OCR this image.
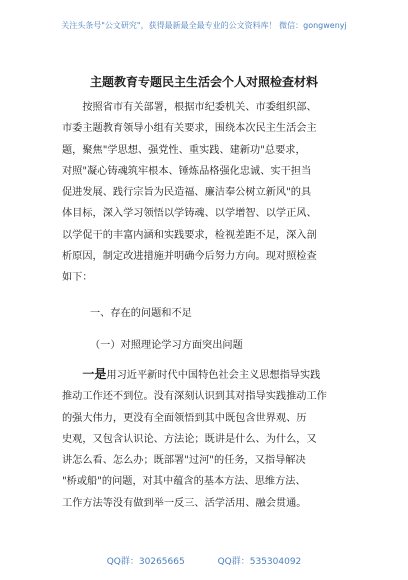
关注头条号"公文研究"，获得最新最全最专业的公文资料库！ 微信：gongwenyj
主题教育专题民主生活会个人对照检查材料
　　按照省市有关部署，根据市纪委机关、市委组织部、
市委主题教育领导小组有关要求，围绕本次民主生活会主
题，聚焦"学思想、强党性、重实践、建新功"总要求，
对照"凝心铸魂筑牢根本、锤炼品格强化忠诚、实干担当
促进发展、践行宗旨为民造福、廉洁奉公树立新风"的具
体目标，深入学习领悟以学铸魂、以学增智、以学正风、
以学促干的丰富内涵和实践要求，检视差距不足，深入剖
析原因，制定改进措施并明确今后努力方向。现对照检查
如下：
一、存在的问题和不足
（一）对照理论学习方面突出问题
　　一是用习近平新时代中国特色社会主义思想指导实践
推动工作还不到位。没有深刻认识到其对指导实践推动工作
的强大伟力，更没有全面领悟到其中既包含世界观、历
史观，又包含认识论、方法论；既讲是什么、为什么，又
讲怎么看、怎么办；既部署"过河"的任务，又指导解决
"桥或船"的问题，对其中蕴含的基本方法、思维方法、
工作方法等没有做到举一反三、活学活用、融会贯通。
QQ群：30265665	QQ群：535304092
